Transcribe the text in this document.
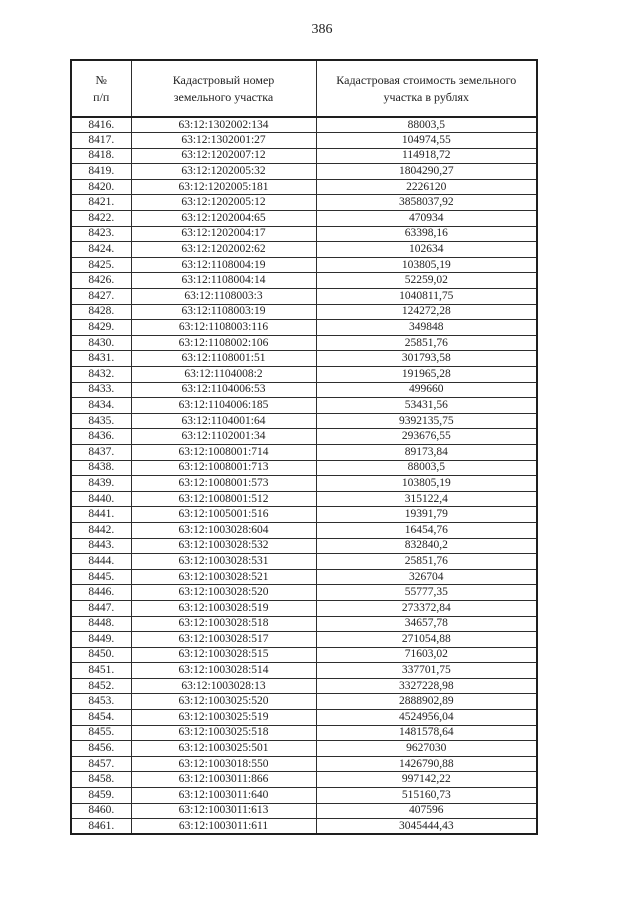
386
№
п/п

Кадастровый номер
земельного участка

Кадастровая стоимость земельного
участка в рублях

8416.	63:12:1302002:134	88003,5
8417.	63:12:1302001:27	104974,55
8418.	63:12:1202007:12	114918,72
8419.	63:12:1202005:32	1804290,27
8420.	63:12:1202005:181	2226120
8421.	63:12:1202005:12	3858037,92
8422.	63:12:1202004:65	470934
8423.	63:12:1202004:17	63398,16
8424.	63:12:1202002:62	102634
8425.	63:12:1108004:19	103805,19
8426.	63:12:1108004:14	52259,02
8427.	63:12:1108003:3	1040811,75
8428.	63:12:1108003:19	124272,28
8429.	63:12:1108003:116	349848
8430.	63:12:1108002:106	25851,76
8431.	63:12:1108001:51	301793,58
8432.	63:12:1104008:2	191965,28
8433.	63:12:1104006:53	499660
8434.	63:12:1104006:185	53431,56
8435.	63:12:1104001:64	9392135,75
8436.	63:12:1102001:34	293676,55
8437.	63:12:1008001:714	89173,84
8438.	63:12:1008001:713	88003,5
8439.	63:12:1008001:573	103805,19
8440.	63:12:1008001:512	315122,4
8441.	63:12:1005001:516	19391,79
8442.	63:12:1003028:604	16454,76
8443.	63:12:1003028:532	832840,2
8444.	63:12:1003028:531	25851,76
8445.	63:12:1003028:521	326704
8446.	63:12:1003028:520	55777,35
8447.	63:12:1003028:519	273372,84
8448.	63:12:1003028:518	34657,78
8449.	63:12:1003028:517	271054,88
8450.	63:12:1003028:515	71603,02
8451.	63:12:1003028:514	337701,75
8452.	63:12:1003028:13	3327228,98
8453.	63:12:1003025:520	2888902,89
8454.	63:12:1003025:519	4524956,04
8455.	63:12:1003025:518	1481578,64
8456.	63:12:1003025:501	9627030
8457.	63:12:1003018:550	1426790,88
8458.	63:12:1003011:866	997142,22
8459.	63:12:1003011:640	515160,73
8460.	63:12:1003011:613	407596
8461.	63:12:1003011:611	3045444,43
